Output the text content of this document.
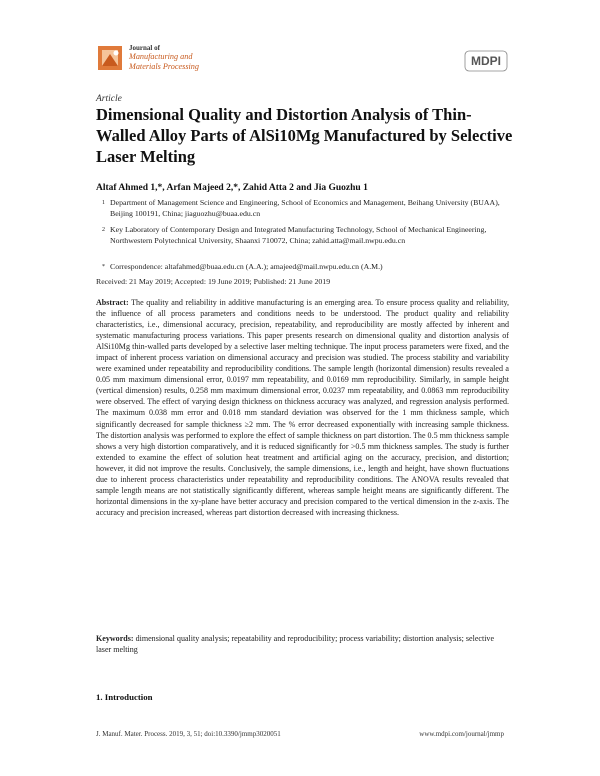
Journal of
Manufacturing and
Materials Processing	MDPI
Article
Dimensional Quality and Distortion Analysis of Thin-Walled Alloy Parts of AlSi10Mg Manufactured by Selective Laser Melting
Altaf Ahmed 1,*, Arfan Majeed 2,*, Zahid Atta 2 and Jia Guozhu 1
1 Department of Management Science and Engineering, School of Economics and Management, Beihang University (BUAA), Beijing 100191, China; jiaguozhu@buaa.edu.cn
2 Key Laboratory of Contemporary Design and Integrated Manufacturing Technology, School of Mechanical Engineering, Northwestern Polytechnical University, Shaanxi 710072, China; zahid.atta@mail.nwpu.edu.cn
* Correspondence: altafahmed@buaa.edu.cn (A.A.); amajeed@mail.nwpu.edu.cn (A.M.)
Received: 21 May 2019; Accepted: 19 June 2019; Published: 21 June 2019

Abstract: The quality and reliability in additive manufacturing is an emerging area. To ensure process quality and reliability, the influence of all process parameters and conditions needs to be understood. The product quality and reliability characteristics, i.e., dimensional accuracy, precision, repeatability, and reproducibility are mostly affected by inherent and systematic manufacturing process variations. This paper presents research on dimensional quality and distortion analysis of AlSi10Mg thin-walled parts developed by a selective laser melting technique. The input process parameters were fixed, and the impact of inherent process variation on dimensional accuracy and precision was studied. The process stability and variability were examined under repeatability and reproducibility conditions. The sample length (horizontal dimension) results revealed a 0.05 mm maximum dimensional error, 0.0197 mm repeatability, and 0.0169 mm reproducibility. Similarly, in sample height (vertical dimension) results, 0.258 mm maximum dimensional error, 0.0237 mm repeatability, and 0.0863 mm reproducibility were observed. The effect of varying design thickness on thickness accuracy was analyzed, and regression analysis performed. The maximum 0.038 mm error and 0.018 mm standard deviation was observed for the 1 mm thickness sample, which significantly decreased for sample thickness ≥2 mm. The % error decreased exponentially with increasing sample thickness. The distortion analysis was performed to explore the effect of sample thickness on part distortion. The 0.5 mm thickness sample shows a very high distortion comparatively, and it is reduced significantly for >0.5 mm thickness samples. The study is further extended to examine the effect of solution heat treatment and artificial aging on the accuracy, precision, and distortion; however, it did not improve the results. Conclusively, the sample dimensions, i.e., length and height, have shown fluctuations due to inherent process characteristics under repeatability and reproducibility conditions. The ANOVA results revealed that sample length means are not statistically significantly different, whereas sample height means are significantly different. The horizontal dimensions in the xy-plane have better accuracy and precision compared to the vertical dimension in the z-axis. The accuracy and precision increased, whereas part distortion decreased with increasing thickness.

Keywords: dimensional quality analysis; repeatability and reproducibility; process variability; distortion analysis; selective laser melting

1. Introduction
J. Manuf. Mater. Process. 2019, 3, 51; doi:10.3390/jmmp3020051	www.mdpi.com/journal/jmmp
